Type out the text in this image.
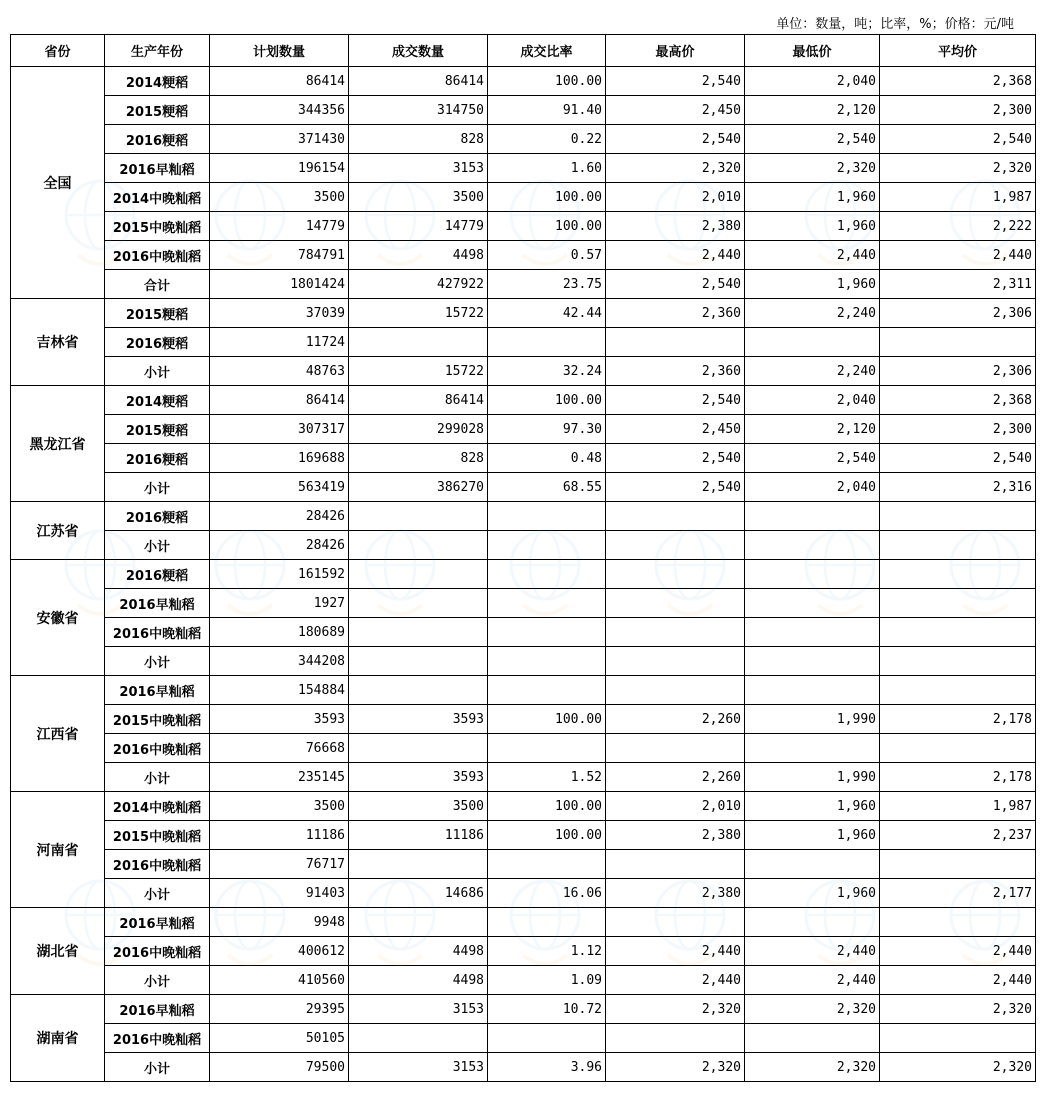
单位：数量，吨；比率，%；价格：元/吨
省份	生产年份	计划数量	成交数量	成交比率	最高价	最低价	平均价
全国	2014粳稻	86414	86414	100.00	2,540	2,040	2,368
	2015粳稻	344356	314750	91.40	2,450	2,120	2,300
	2016粳稻	371430	828	0.22	2,540	2,540	2,540
	2016早籼稻	196154	3153	1.60	2,320	2,320	2,320
	2014中晚籼稻	3500	3500	100.00	2,010	1,960	1,987
	2015中晚籼稻	14779	14779	100.00	2,380	1,960	2,222
	2016中晚籼稻	784791	4498	0.57	2,440	2,440	2,440
	合计	1801424	427922	23.75	2,540	1,960	2,311
吉林省	2015粳稻	37039	15722	42.44	2,360	2,240	2,306
	2016粳稻	11724					
	小计	48763	15722	32.24	2,360	2,240	2,306
黑龙江省	2014粳稻	86414	86414	100.00	2,540	2,040	2,368
	2015粳稻	307317	299028	97.30	2,450	2,120	2,300
	2016粳稻	169688	828	0.48	2,540	2,540	2,540
	小计	563419	386270	68.55	2,540	2,040	2,316
江苏省	2016粳稻	28426					
	小计	28426					
安徽省	2016粳稻	161592					
	2016早籼稻	1927					
	2016中晚籼稻	180689					
	小计	344208					
江西省	2016早籼稻	154884					
	2015中晚籼稻	3593	3593	100.00	2,260	1,990	2,178
	2016中晚籼稻	76668					
	小计	235145	3593	1.52	2,260	1,990	2,178
河南省	2014中晚籼稻	3500	3500	100.00	2,010	1,960	1,987
	2015中晚籼稻	11186	11186	100.00	2,380	1,960	2,237
	2016中晚籼稻	76717					
	小计	91403	14686	16.06	2,380	1,960	2,177
湖北省	2016早籼稻	9948					
	2016中晚籼稻	400612	4498	1.12	2,440	2,440	2,440
	小计	410560	4498	1.09	2,440	2,440	2,440
湖南省	2016早籼稻	29395	3153	10.72	2,320	2,320	2,320
	2016中晚籼稻	50105					
	小计	79500	3153	3.96	2,320	2,320	2,320
